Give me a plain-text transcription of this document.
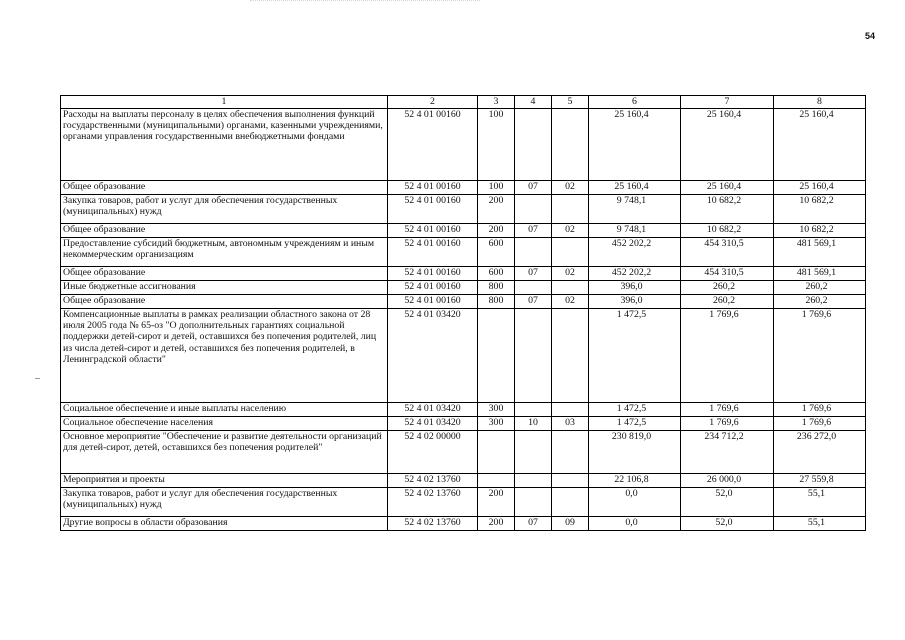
54
1	2	3	4	5	6	7	8
Расходы на выплаты персоналу в целях обеспечения выполнения функций государственными (муниципальными) органами, казенными учреждениями, органами управления государственными внебюджетными фондами	52 4 01 00160	100			25 160,4	25 160,4	25 160,4
Общее образование	52 4 01 00160	100	07	02	25 160,4	25 160,4	25 160,4
Закупка товаров, работ и услуг для обеспечения государственных (муниципальных) нужд	52 4 01 00160	200			9 748,1	10 682,2	10 682,2
Общее образование	52 4 01 00160	200	07	02	9 748,1	10 682,2	10 682,2
Предоставление субсидий бюджетным, автономным учреждениям и иным некоммерческим организациям	52 4 01 00160	600			452 202,2	454 310,5	481 569,1
Общее образование	52 4 01 00160	600	07	02	452 202,2	454 310,5	481 569,1
Иные бюджетные ассигнования	52 4 01 00160	800			396,0	260,2	260,2
Общее образование	52 4 01 00160	800	07	02	396,0	260,2	260,2
Компенсационные выплаты в рамках реализации областного закона от 28 июля 2005 года № 65-оз "О дополнительных гарантиях социальной поддержки детей-сирот и детей, оставшихся без попечения родителей, лиц из числа детей-сирот и детей, оставшихся без попечения родителей, в Ленинградской области"	52 4 01 03420				1 472,5	1 769,6	1 769,6
Социальное обеспечение и иные выплаты населению	52 4 01 03420	300			1 472,5	1 769,6	1 769,6
Социальное обеспечение населения	52 4 01 03420	300	10	03	1 472,5	1 769,6	1 769,6
Основное мероприятие "Обеспечение и развитие деятельности организаций для детей-сирот, детей, оставшихся без попечения родителей"	52 4 02 00000				230 819,0	234 712,2	236 272,0
Мероприятия и проекты	52 4 02 13760				22 106,8	26 000,0	27 559,8
Закупка товаров, работ и услуг для обеспечения государственных (муниципальных) нужд	52 4 02 13760	200			0,0	52,0	55,1
Другие вопросы в области образования	52 4 02 13760	200	07	09	0,0	52,0	55,1
